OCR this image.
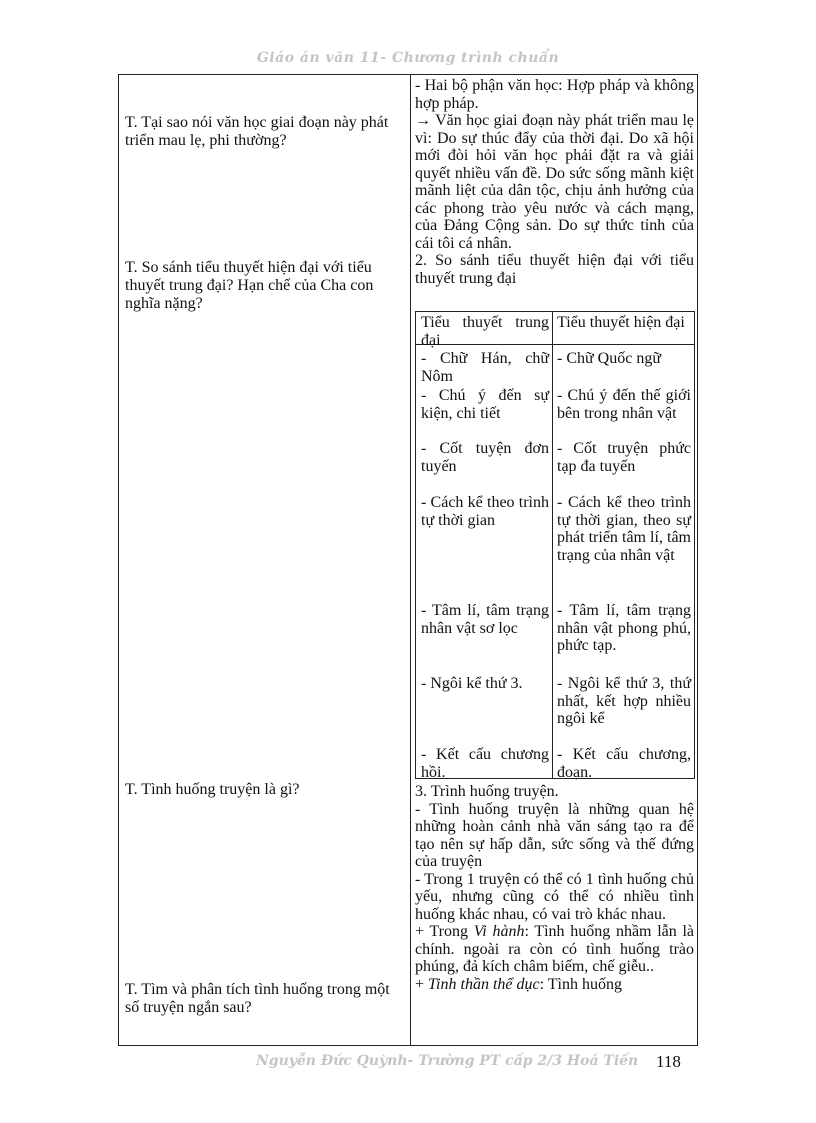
Giáo án văn 11- Chương trình chuẩn
T. Tại sao nói văn học giai đoạn này phát triển mau lẹ, phi thường?
T. So sánh tiểu thuyết hiện đại với tiểu thuyết trung đại? Hạn chế của Cha con nghĩa nặng?
T. Tình huống truyện là gì?
T. Tìm và phân tích tình huống trong một số truyện ngắn sau?

- Hai bộ phận văn học: Hợp pháp và không hợp pháp.

→ Văn học giai đoạn này phát triển mau lẹ vì: Do sự thúc đẩy của thời đại. Do xã hội mới đòi hỏi văn học phải đặt ra và giải quyết nhiều vấn đề. Do sức sống mãnh kiệt mãnh liệt của dân tộc, chịu ảnh hưởng của các phong trào yêu nước và cách mạng, của Đảng Cộng sản. Do sự thức tỉnh của cái tôi cá nhân.

2. So sánh tiểu thuyết hiện đại với tiểu thuyết trung đại

Tiểu thuyết trung đại
Tiểu thuyết hiện đại
- Chữ Hán, chữ Nôm
- Chữ Quốc ngữ
- Chú ý đến sự kiện, chi tiết
- Chú ý đến thế giới bên trong nhân vật
- Cốt tuyện đơn tuyến
- Cốt truyện phức tạp đa tuyến
- Cách kể theo trình tự thời gian
- Cách kể theo trình tự thời gian, theo sự phát triển tâm lí, tâm trạng của nhân vật
- Tâm lí, tâm trạng nhân vật sơ lọc
- Tâm lí, tâm trạng nhân vật phong phú, phức tạp.
- Ngôi kể thứ 3.	- Ngôi kể thứ 3, thứ nhất, kết hợp nhiều ngôi kể
- Kết cấu chương hồi.
- Kết cấu chương, đoạn.

3. Trình huống truyện.

- Tình huống truyện là những quan hệ những hoàn cảnh nhà văn sáng tạo ra để tạo nên sự hấp dẫn, sức sống và thế đứng của truyện

- Trong 1 truyện có thể có 1 tình huống chủ yếu, nhưng cũng có thể có nhiều tình huống khác nhau, có vai trò khác nhau.

+ Trong Vi hành: Tình huống nhầm lẫn là chính. ngoài ra còn có tình huống trào phúng, đả kích châm biếm, chế giễu..

+ Tinh thần thể dục: Tình huống

Nguyễn Đức Quỳnh- Trường PT cấp 2/3 Hoá Tiến 118
